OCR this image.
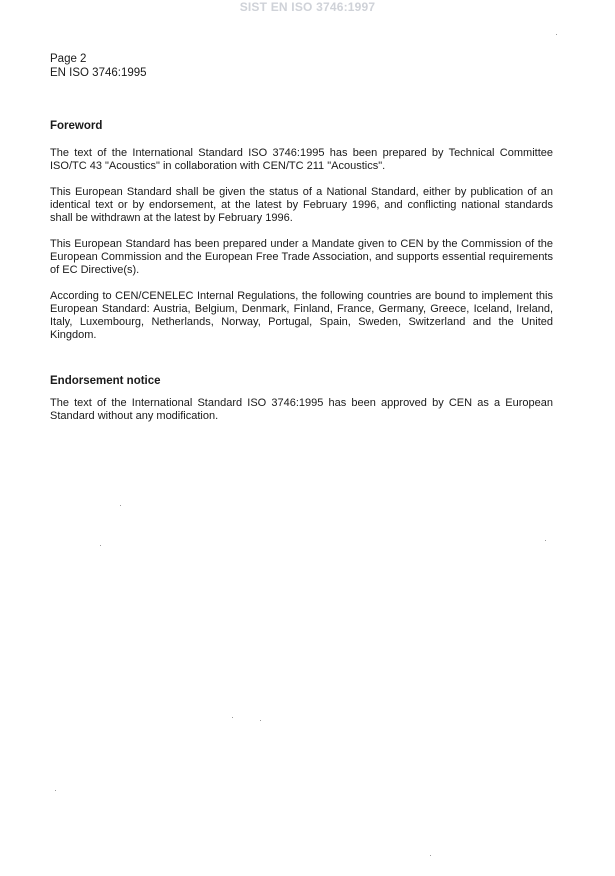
SIST EN ISO 3746:1997
Page 2
EN ISO 3746:1995

Foreword

The text of the International Standard ISO 3746:1995 has been prepared by Technical Committee ISO/TC 43 "Acoustics" in collaboration with CEN/TC 211 "Acoustics".

This European Standard shall be given the status of a National Standard, either by publication of an identical text or by endorsement, at the latest by February 1996, and conflicting national standards shall be withdrawn at the latest by February 1996.

This European Standard has been prepared under a Mandate given to CEN by the Commission of the European Commission and the European Free Trade Association, and supports essential requirements of EC Directive(s).

According to CEN/CENELEC Internal Regulations, the following countries are bound to implement this European Standard: Austria, Belgium, Denmark, Finland, France, Germany, Greece, Iceland, Ireland, Italy, Luxembourg, Netherlands, Norway, Portugal, Spain, Sweden, Switzerland and the United Kingdom.

Endorsement notice

The text of the International Standard ISO 3746:1995 has been approved by CEN as a European Standard without any modification.
